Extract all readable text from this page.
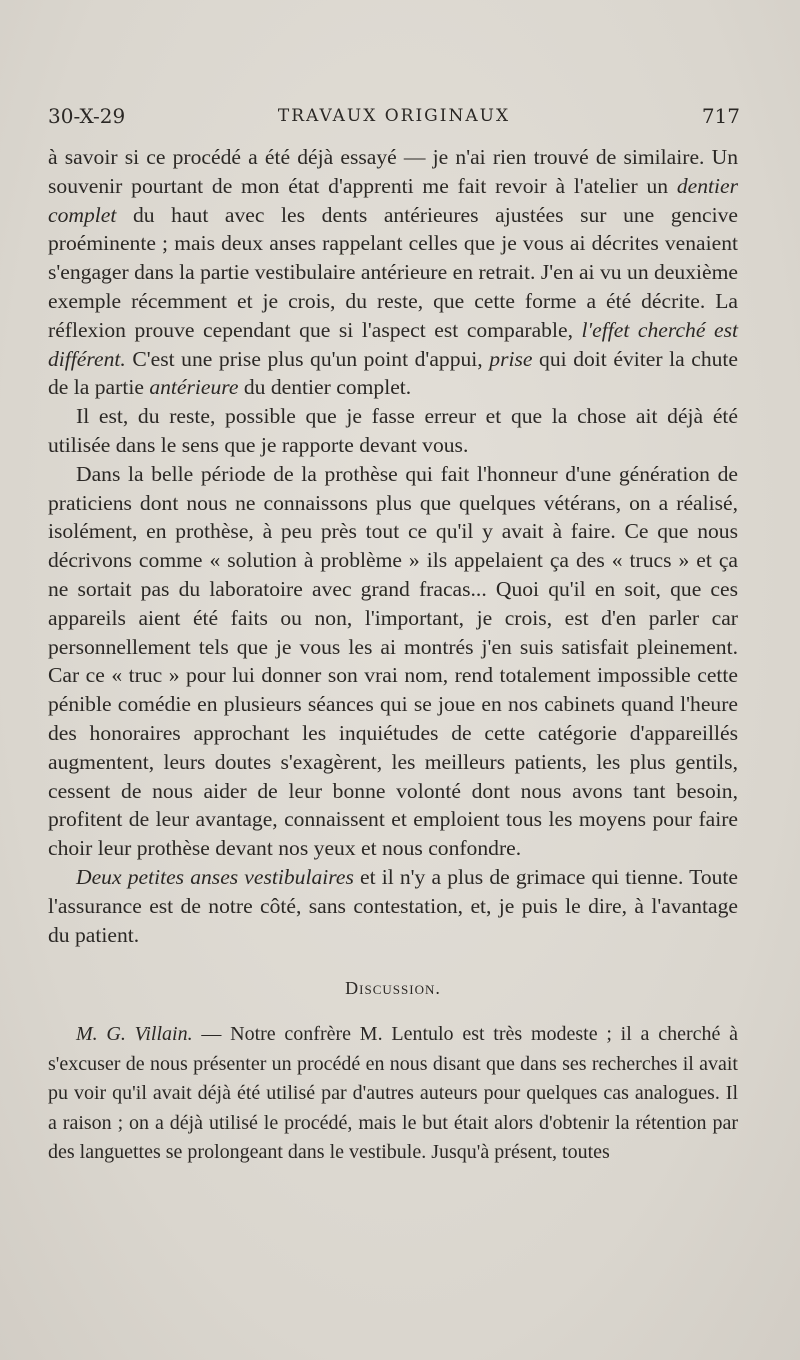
30-X-29	TRAVAUX ORIGINAUX	717

à savoir si ce procédé a été déjà essayé — je n'ai rien trouvé de similaire. Un souvenir pourtant de mon état d'apprenti me fait revoir à l'atelier un dentier complet du haut avec les dents antérieures ajustées sur une gencive proéminente ; mais deux anses rappelant celles que je vous ai décrites venaient s'engager dans la partie vestibulaire antérieure en retrait. J'en ai vu un deuxième exemple récemment et je crois, du reste, que cette forme a été décrite. La réflexion prouve cependant que si l'aspect est comparable, l'effet cherché est différent. C'est une prise plus qu'un point d'appui, prise qui doit éviter la chute de la partie antérieure du dentier complet.

Il est, du reste, possible que je fasse erreur et que la chose ait déjà été utilisée dans le sens que je rapporte devant vous.

Dans la belle période de la prothèse qui fait l'honneur d'une génération de praticiens dont nous ne connaissons plus que quelques vétérans, on a réalisé, isolément, en prothèse, à peu près tout ce qu'il y avait à faire. Ce que nous décrivons comme « solution à problème » ils appelaient ça des « trucs » et ça ne sortait pas du laboratoire avec grand fracas... Quoi qu'il en soit, que ces appareils aient été faits ou non, l'important, je crois, est d'en parler car personnellement tels que je vous les ai montrés j'en suis satisfait pleinement. Car ce « truc » pour lui donner son vrai nom, rend totalement impossible cette pénible comédie en plusieurs séances qui se joue en nos cabinets quand l'heure des honoraires approchant les inquiétudes de cette catégorie d'appareillés augmentent, leurs doutes s'exagèrent, les meilleurs patients, les plus gentils, cessent de nous aider de leur bonne volonté dont nous avons tant besoin, profitent de leur avantage, connaissent et emploient tous les moyens pour faire choir leur prothèse devant nos yeux et nous confondre.

Deux petites anses vestibulaires et il n'y a plus de grimace qui tienne. Toute l'assurance est de notre côté, sans contestation, et, je puis le dire, à l'avantage du patient.

Discussion.

M. G. Villain. — Notre confrère M. Lentulo est très modeste ; il a cherché à s'excuser de nous présenter un procédé en nous disant que dans ses recherches il avait pu voir qu'il avait déjà été utilisé par d'autres auteurs pour quelques cas analogues. Il a raison ; on a déjà utilisé le procédé, mais le but était alors d'obtenir la rétention par des languettes se prolongeant dans le vestibule. Jusqu'à présent, toutes
